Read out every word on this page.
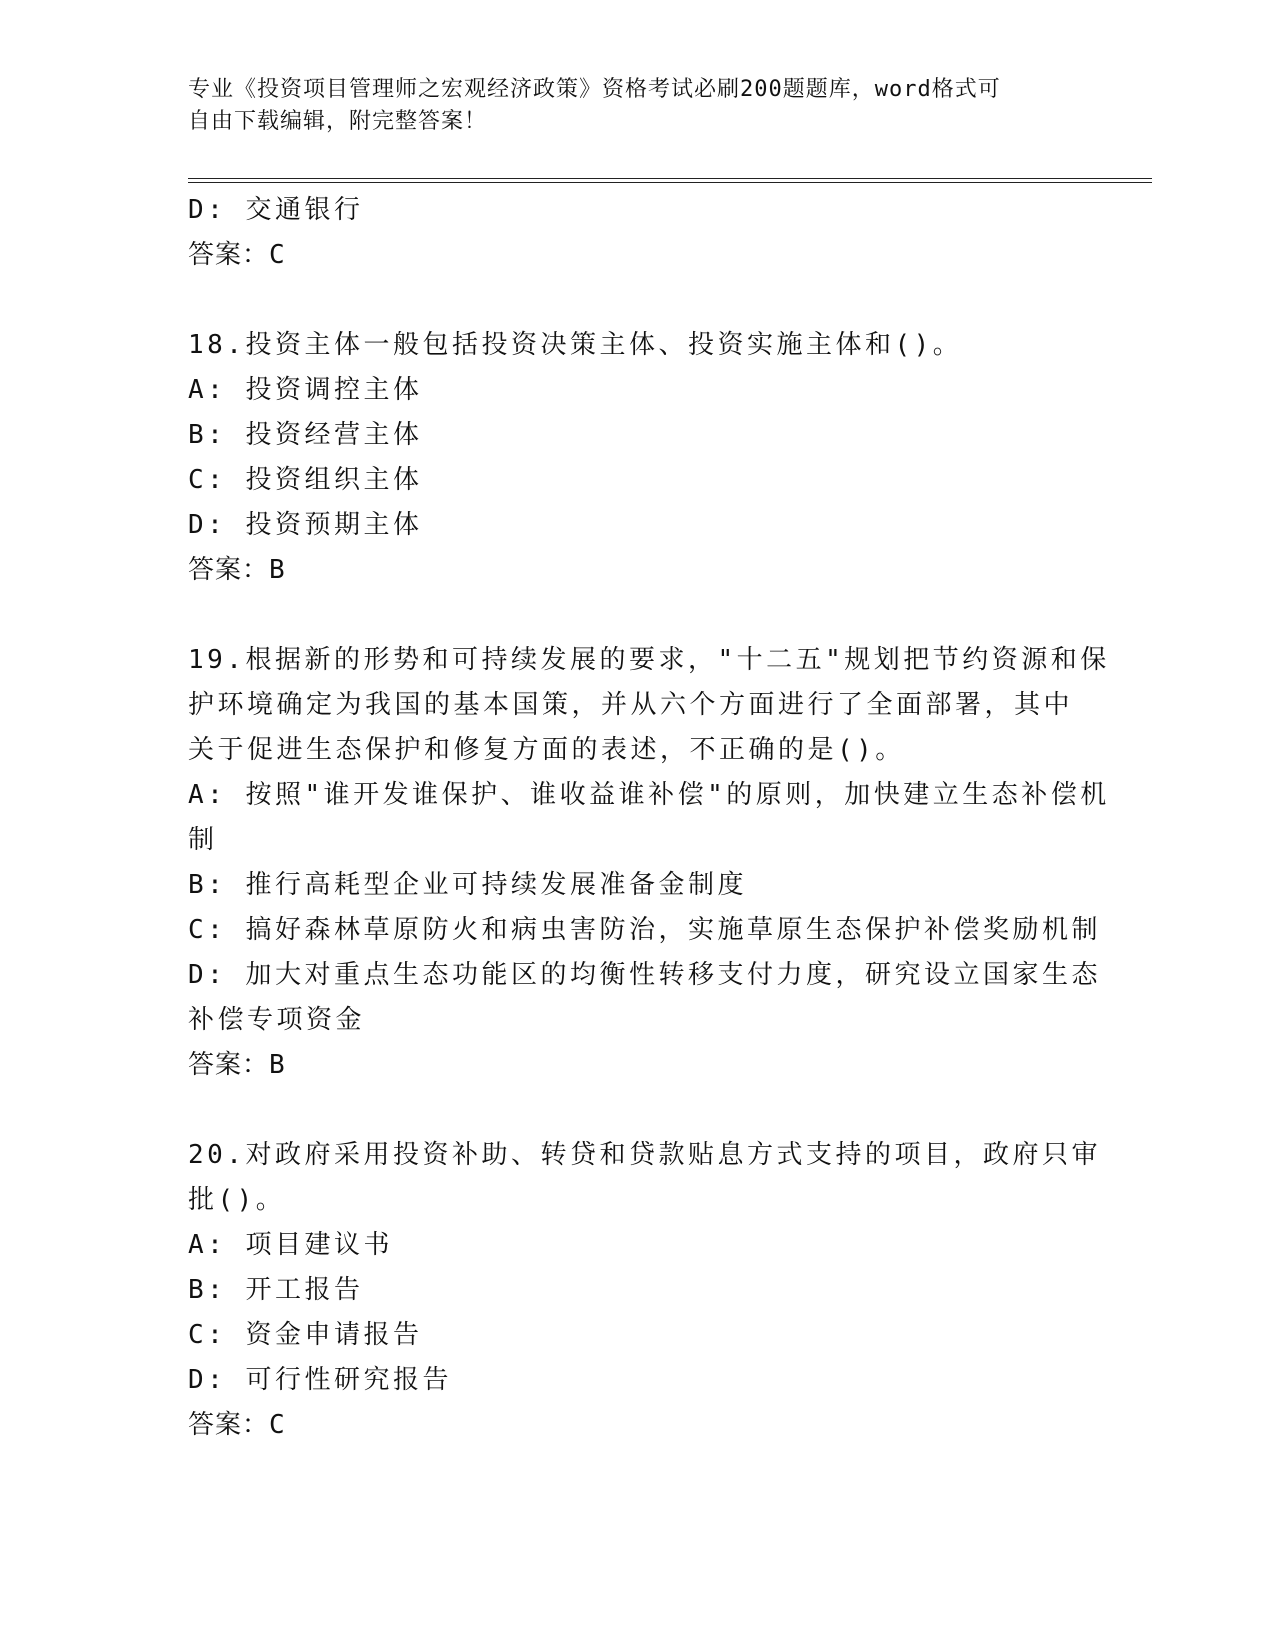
专业《投资项目管理师之宏观经济政策》资格考试必刷200题题库，word格式可
自由下载编辑，附完整答案！

D: 交通银行

答案：C

18.投资主体一般包括投资决策主体、投资实施主体和()。

A: 投资调控主体

B: 投资经营主体

C: 投资组织主体

D: 投资预期主体

答案：B

19.根据新的形势和可持续发展的要求，"十二五"规划把节约资源和保

护环境确定为我国的基本国策，并从六个方面进行了全面部署，其中

关于促进生态保护和修复方面的表述，不正确的是()。

A: 按照"谁开发谁保护、谁收益谁补偿"的原则，加快建立生态补偿机

制

B: 推行高耗型企业可持续发展准备金制度

C: 搞好森林草原防火和病虫害防治，实施草原生态保护补偿奖励机制

D: 加大对重点生态功能区的均衡性转移支付力度，研究设立国家生态

补偿专项资金

答案：B

20.对政府采用投资补助、转贷和贷款贴息方式支持的项目，政府只审

批()。

A: 项目建议书

B: 开工报告

C: 资金申请报告

D: 可行性研究报告

答案：C
